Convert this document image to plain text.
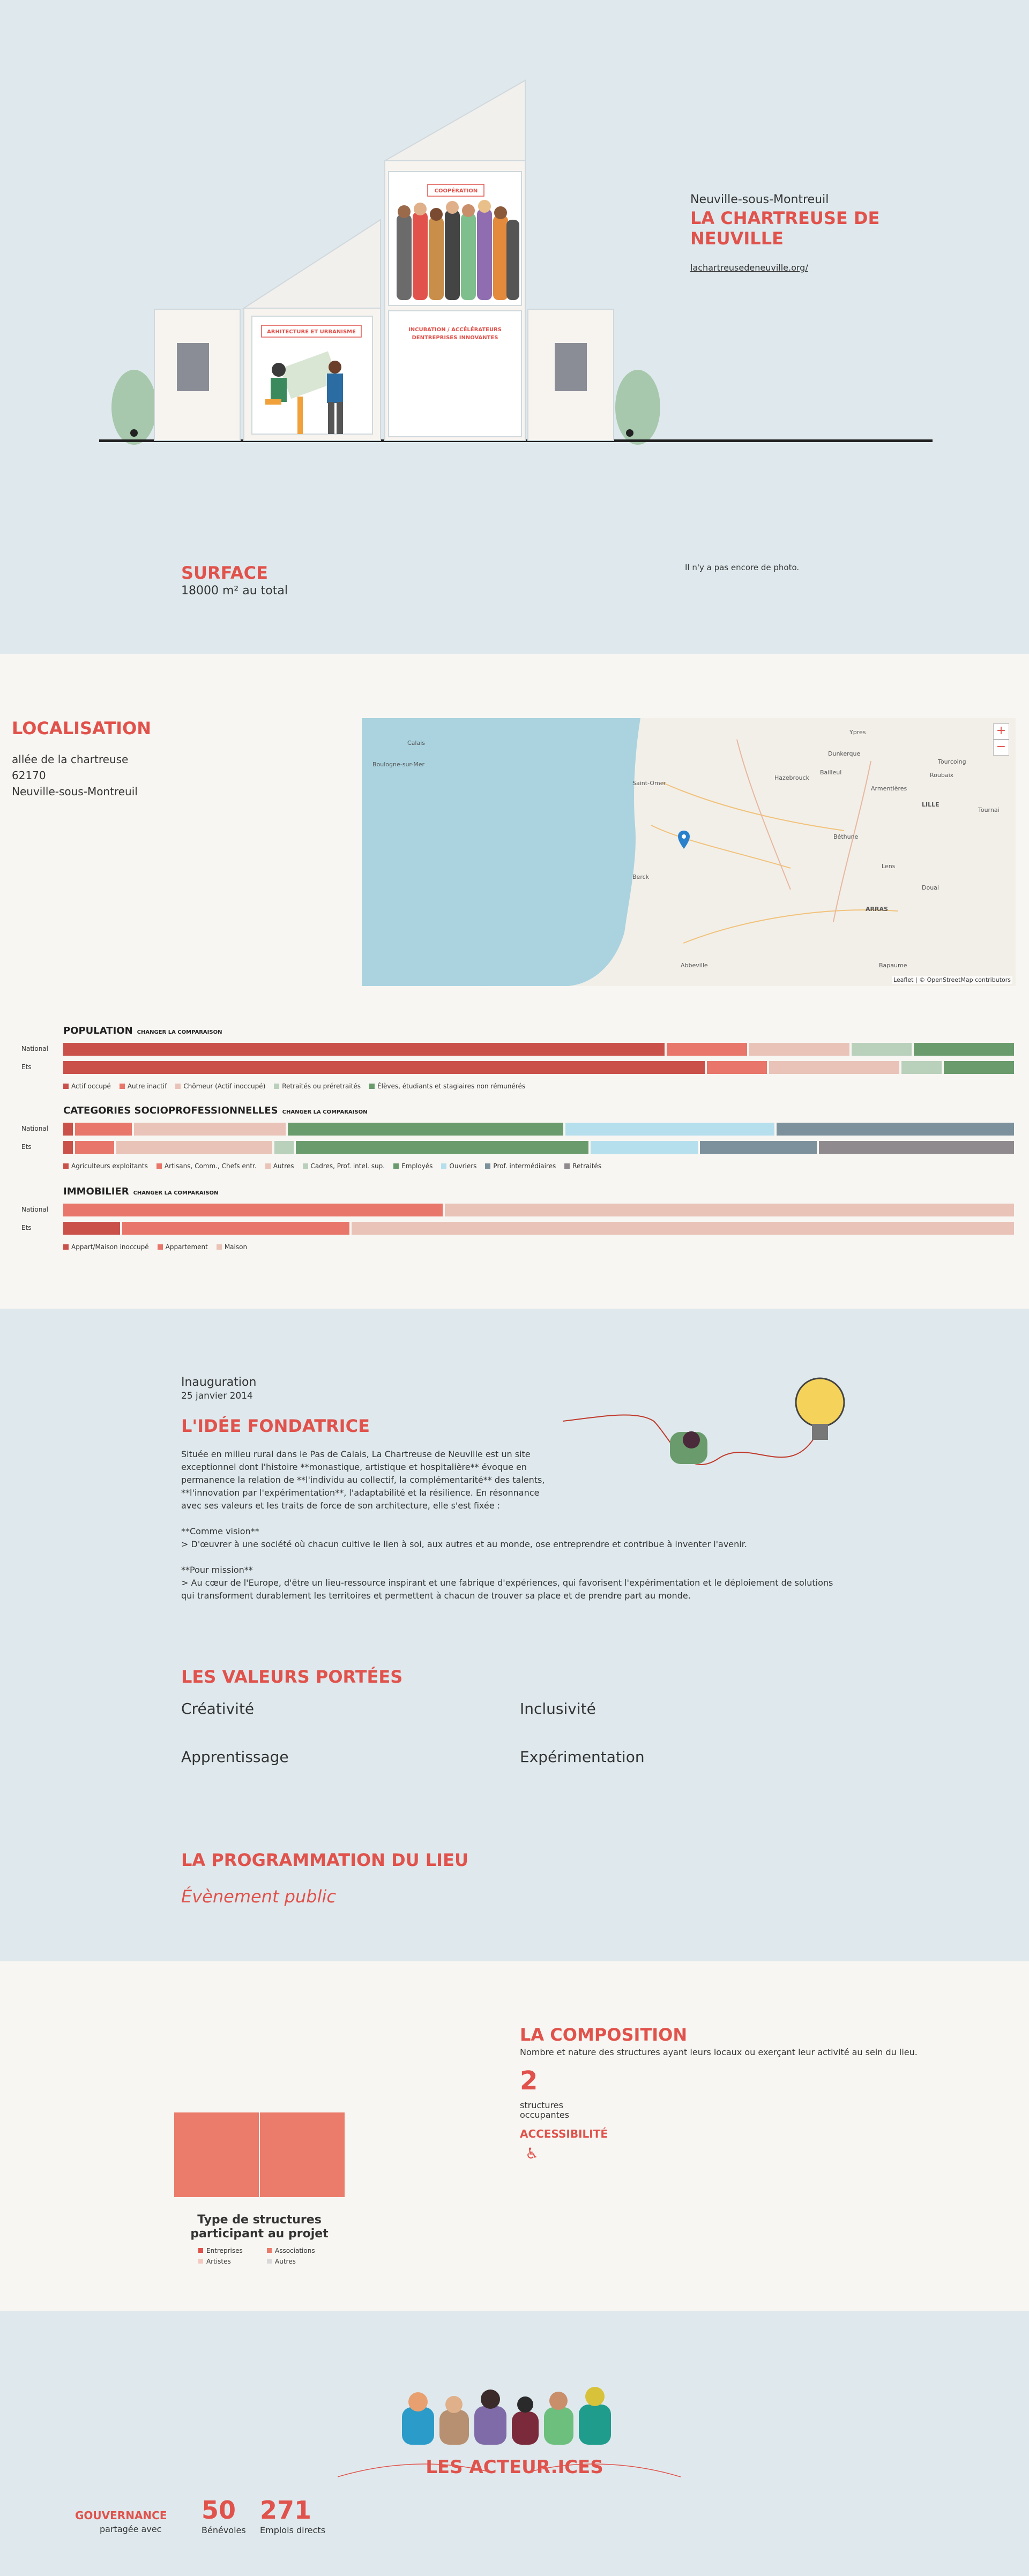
ARHITECTURE ET URBANISME
COOPÉRATION
INCUBATION / ACCÉLÉRATEURS
DENTREPRISES INNOVANTES
Neuville-sous-Montreuil
LA CHARTREUSE DE NEUVILLE
lachartreusedeneuville.org/
SURFACE
18000 m² au total
Il n'y a pas encore de photo.
LOCALISATION
allée de la chartreuse
62170
Neuville-sous-Montreuil
Boulogne-sur-Mer
Calais
Dunkerque
Saint-Omer
LILLE
Béthune
Lens
ARRAS
Berck
Abbeville	Bapaume
Roubaix
Tourcoing
Douai
Hazebrouck
Ypres
Bailleul
Armentières
Tournai
+
−
Leaflet | © OpenStreetMap contributors
POPULATION CHANGER LA COMPARAISON
National
Ets
Actif occupé	Autre inactif	Chômeur (Actif inoccupé)	Retraités ou préretraités	Élèves, étudiants et stagiaires non rémunérés
CATEGORIES SOCIOPROFESSIONNELLES CHANGER LA COMPARAISON
National
Ets
Agriculteurs exploitants	Artisans, Comm., Chefs entr.	Autres	Cadres, Prof. intel. sup.	Employés	Ouvriers	Prof. intermédiaires	Retraités
IMMOBILIER CHANGER LA COMPARAISON
National
Ets
Appart/Maison inoccupé	Appartement	Maison
Inauguration
25 janvier 2014
L'IDÉE FONDATRICE
Située en milieu rural dans le Pas de Calais, La Chartreuse de Neuville est un site
exceptionnel dont l'histoire **monastique, artistique et hospitalière** évoque en
permanence la relation de **l'individu au collectif, la complémentarité** des talents,
**l'innovation par l'expérimentation**, l'adaptabilité et la résilience. En résonnance
avec ses valeurs et les traits de force de son architecture, elle s'est fixée :

**Comme vision**
> D'œuvrer à une société où chacun cultive le lien à soi, aux autres et au monde, ose entreprendre et contribue à inventer l'avenir.

**Pour mission**
> Au cœur de l'Europe, d'être un lieu-ressource inspirant et une fabrique d'expériences, qui favorisent l'expérimentation et le déploiement de solutions
qui transforment durablement les territoires et permettent à chacun de trouver sa place et de prendre part au monde.
LES VALEURS PORTÉES
Créativité	Inclusivité
Apprentissage	Expérimentation
LA PROGRAMMATION DU LIEU
Évènement public
Type de structures participant au projet
Entreprises	Associations
Artistes	Autres
LA COMPOSITION
Nombre et nature des structures ayant leurs locaux ou exerçant leur activité au sein du lieu.
2
structures occupantes
ACCESSIBILITÉ
♿
LES ACTEUR.ICES
GOUVERNANCE
partagée avec
50
Bénévoles
271
Emplois directs
